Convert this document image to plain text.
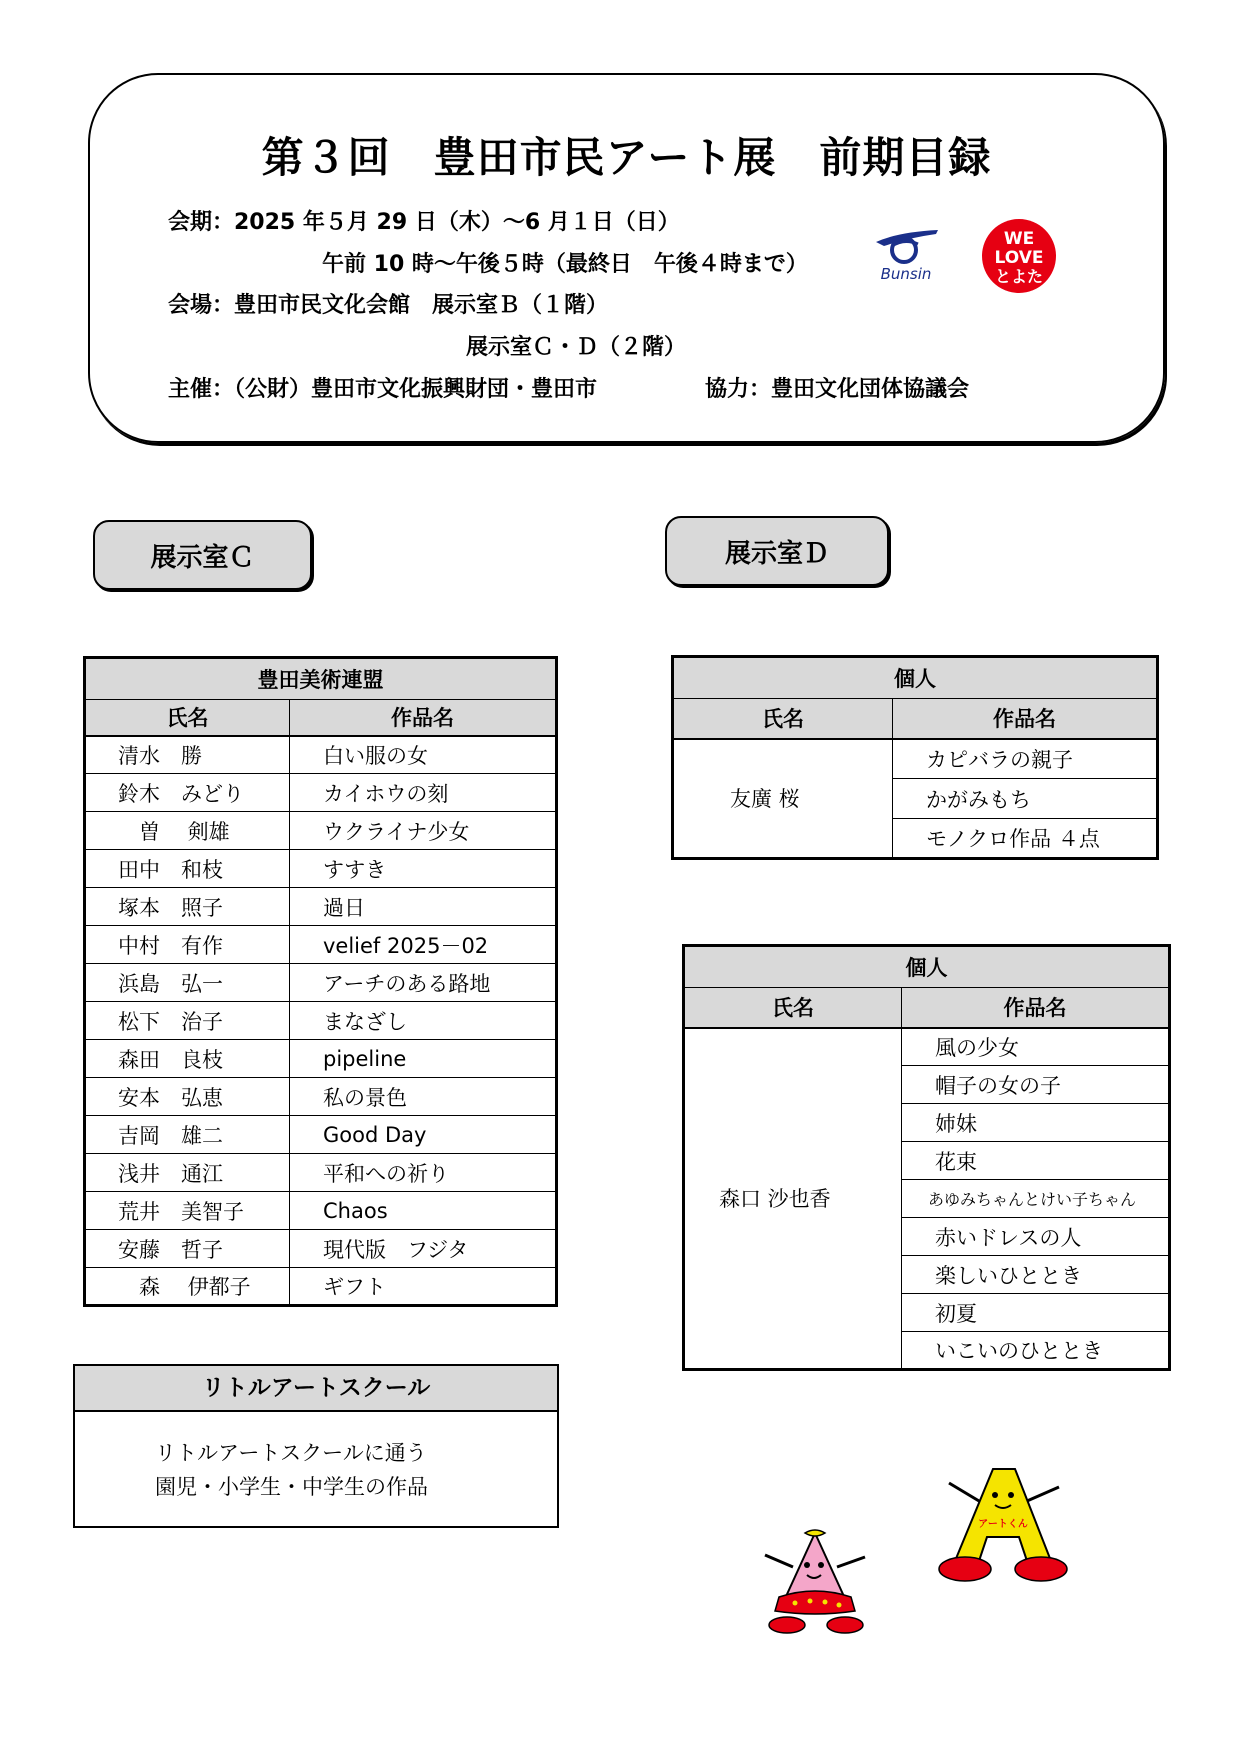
第３回　豊田市民アート展　前期目録
会期：2025 年５月 29 日（木）～6 月１日（日）
午前 10 時～午後５時（最終日　午後４時まで）
会場：豊田市民文化会館　展示室Ｂ（１階）
展示室Ｃ・Ｄ（２階）
主催：（公財）豊田市文化振興財団・豊田市	協力：豊田文化団体協議会
Bunsin
WE
LOVE
とよた
展示室Ｃ	展示室Ｄ
豊田美術連盟	
氏名	作品名
清水　勝	白い服の女
鈴木　みどり	カイホウの刻
　曽　 剣雄	ウクライナ少女
田中　和枝	すすき
塚本　照子	過日
中村　有作	velief 2025－02
浜島　弘一	アーチのある路地
松下　治子	まなざし
森田　良枝	pipeline
安本　弘恵	私の景色
吉岡　雄二	Good Day
浅井　通江	平和への祈り
荒井　美智子	Chaos
安藤　哲子	現代版　フジタ
　森　 伊都子	ギフト
リトルアートスクール
リトルアートスクールに通う
園児・小学生・中学生の作品
個人	
氏名	作品名
友廣 桜	カピバラの親子
	かがみもち
	モノクロ作品 ４点
個人	
氏名	作品名
森口 沙也香	風の少女
	帽子の女の子
	姉妹
	花束
	あゆみちゃんとけい子ちゃん
	赤いドレスの人
	楽しいひととき
	初夏
	いこいのひととき
アートくん
